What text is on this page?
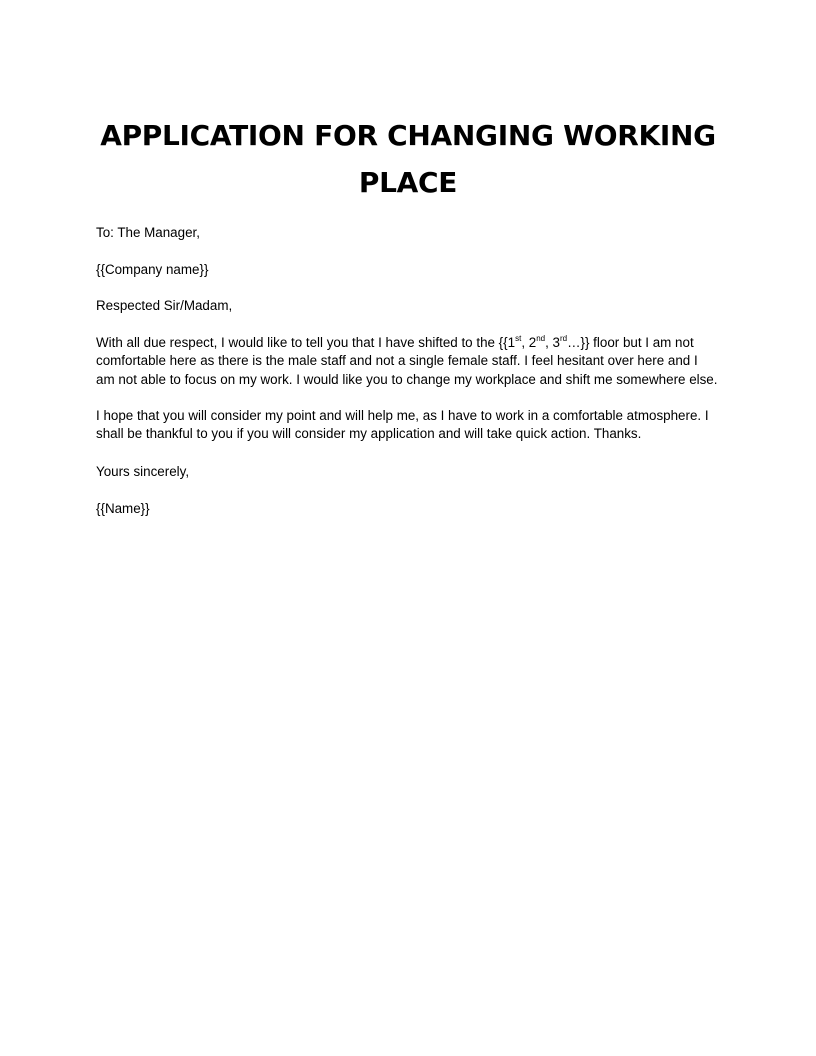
APPLICATION FOR CHANGING WORKING PLACE

To: The Manager,

{{Company name}}

Respected Sir/Madam,

With all due respect, I would like to tell you that I have shifted to the {{1st, 2nd, 3rd…}} floor but I am not
comfortable here as there is the male staff and not a single female staff. I feel hesitant over here and I
am not able to focus on my work. I would like you to change my workplace and shift me somewhere else.

I hope that you will consider my point and will help me, as I have to work in a comfortable atmosphere. I
shall be thankful to you if you will consider my application and will take quick action. Thanks.

Yours sincerely,

{{Name}}
